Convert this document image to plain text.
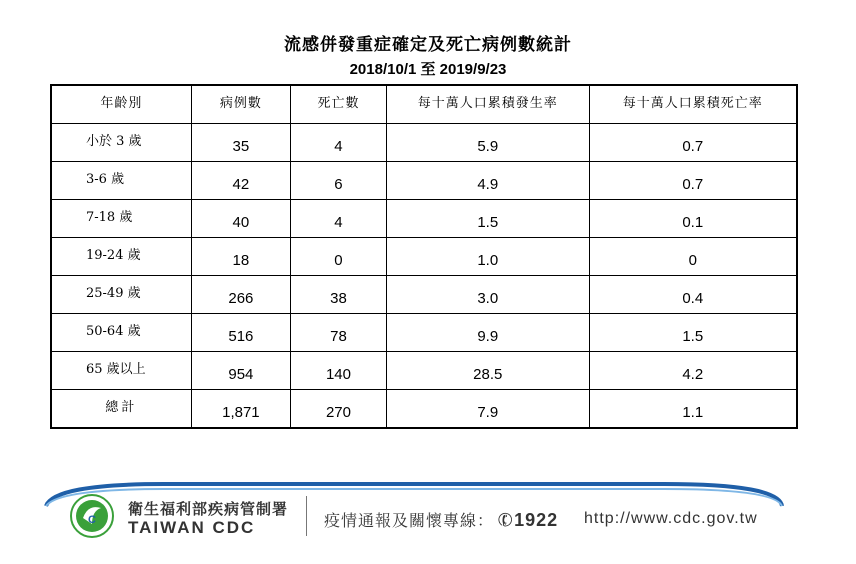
流感併發重症確定及死亡病例數統計
2018/10/1 至 2019/9/23
年齡別	病例數	死亡數	每十萬人口累積發生率	每十萬人口累積死亡率
小於 3 歲	35	4	5.9	0.7
3-6 歲	42	6	4.9	0.7
7-18 歲	40	4	1.5	0.1
19-24 歲	18	0	1.0	0
25-49 歲	266	38	3.0	0.4
50-64 歲	516	78	9.9	1.5
65 歲以上	954	140	28.5	4.2
總計	1,871	270	7.9	1.1
C
衛生福利部疾病管制署
TAIWAN CDC	疫情通報及關懷專線：✆1922 http://www.cdc.gov.tw
